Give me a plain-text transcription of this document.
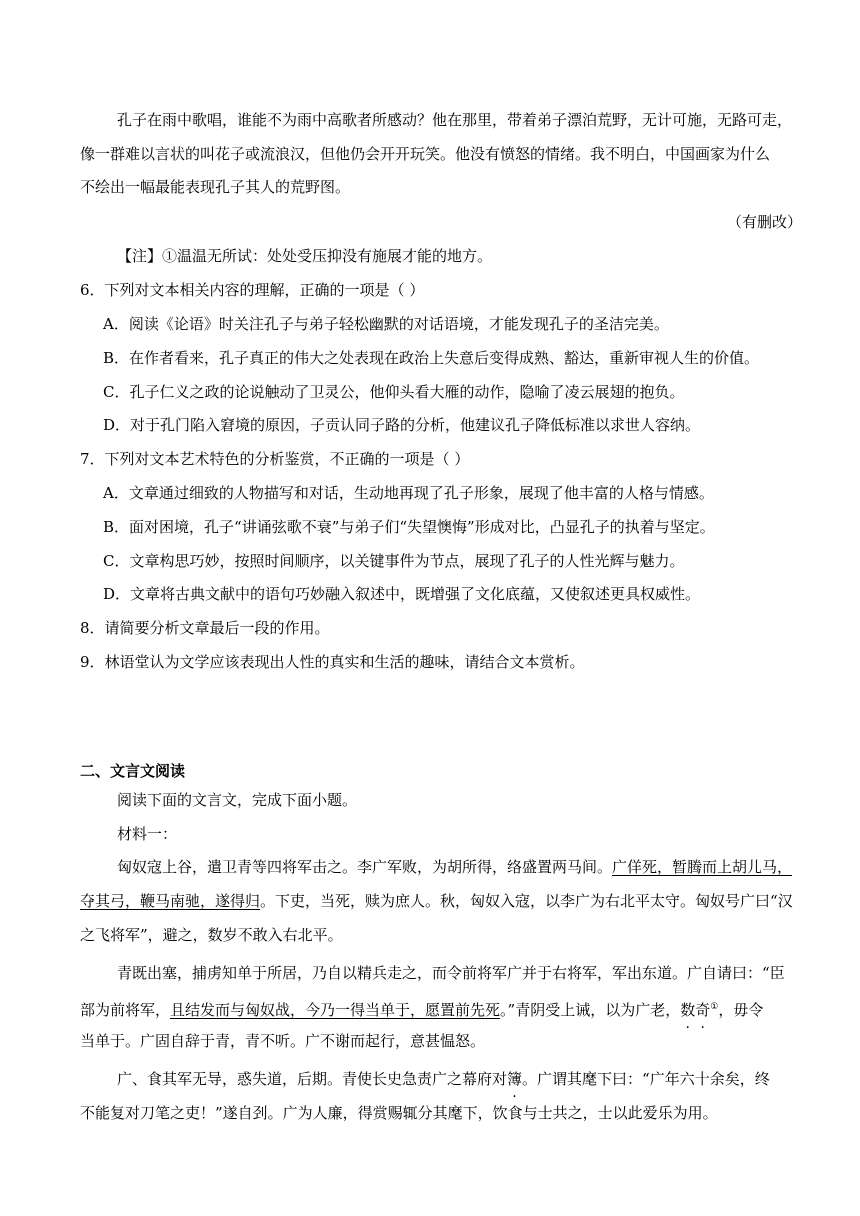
孔子在雨中歌唱，谁能不为雨中高歌者所感动？他在那里，带着弟子漂泊荒野，无计可施，无路可走，
像一群难以言状的叫花子或流浪汉，但他仍会开开玩笑。他没有愤怒的情绪。我不明白，中国画家为什么
不绘出一幅最能表现孔子其人的荒野图。
（有删改）
【注】①温温无所试：处处受压抑没有施展才能的地方。
6．下列对文本相关内容的理解，正确的一项是（ ）
A．阅读《论语》时关注孔子与弟子轻松幽默的对话语境，才能发现孔子的圣洁完美。
B．在作者看来，孔子真正的伟大之处表现在政治上失意后变得成熟、豁达，重新审视人生的价值。
C．孔子仁义之政的论说触动了卫灵公，他仰头看大雁的动作，隐喻了凌云展翅的抱负。
D．对于孔门陷入窘境的原因，子贡认同子路的分析，他建议孔子降低标准以求世人容纳。
7．下列对文本艺术特色的分析鉴赏，不正确的一项是（ ）
A．文章通过细致的人物描写和对话，生动地再现了孔子形象，展现了他丰富的人格与情感。
B．面对困境，孔子“讲诵弦歌不衰”与弟子们“失望懊悔”形成对比，凸显孔子的执着与坚定。
C．文章构思巧妙，按照时间顺序，以关键事件为节点，展现了孔子的人性光辉与魅力。
D．文章将古典文献中的语句巧妙融入叙述中，既增强了文化底蕴，又使叙述更具权威性。
8．请简要分析文章最后一段的作用。
9．林语堂认为文学应该表现出人性的真实和生活的趣味，请结合文本赏析。
二、文言文阅读
阅读下面的文言文，完成下面小题。
材料一：
匈奴寇上谷，遣卫青等四将军击之。李广军败，为胡所得，络盛置两马间。广佯死，暂腾而上胡儿马，
夺其弓，鞭马南驰，遂得归。下吏，当死，赎为庶人。秋，匈奴入寇，以李广为右北平太守。匈奴号广曰“汉
之飞将军”，避之，数岁不敢入右北平。
青既出塞，捕虏知单于所居，乃自以精兵走之，而令前将军广并于右将军，军出东道。广自请曰：“臣
部为前将军，且结发而与匈奴战，今乃一得当单于，愿置前先死。”青阴受上诫，以为广老，数奇①，毋令
当单于。广固自辞于青，青不听。广不谢而起行，意甚愠怒。
广、食其军无导，惑失道，后期。青使长史急责广之幕府对簿。广谓其麾下曰：“广年六十余矣，终
不能复对刀笔之吏！”遂自刭。广为人廉，得赏赐辄分其麾下，饮食与士共之，士以此爱乐为用。
